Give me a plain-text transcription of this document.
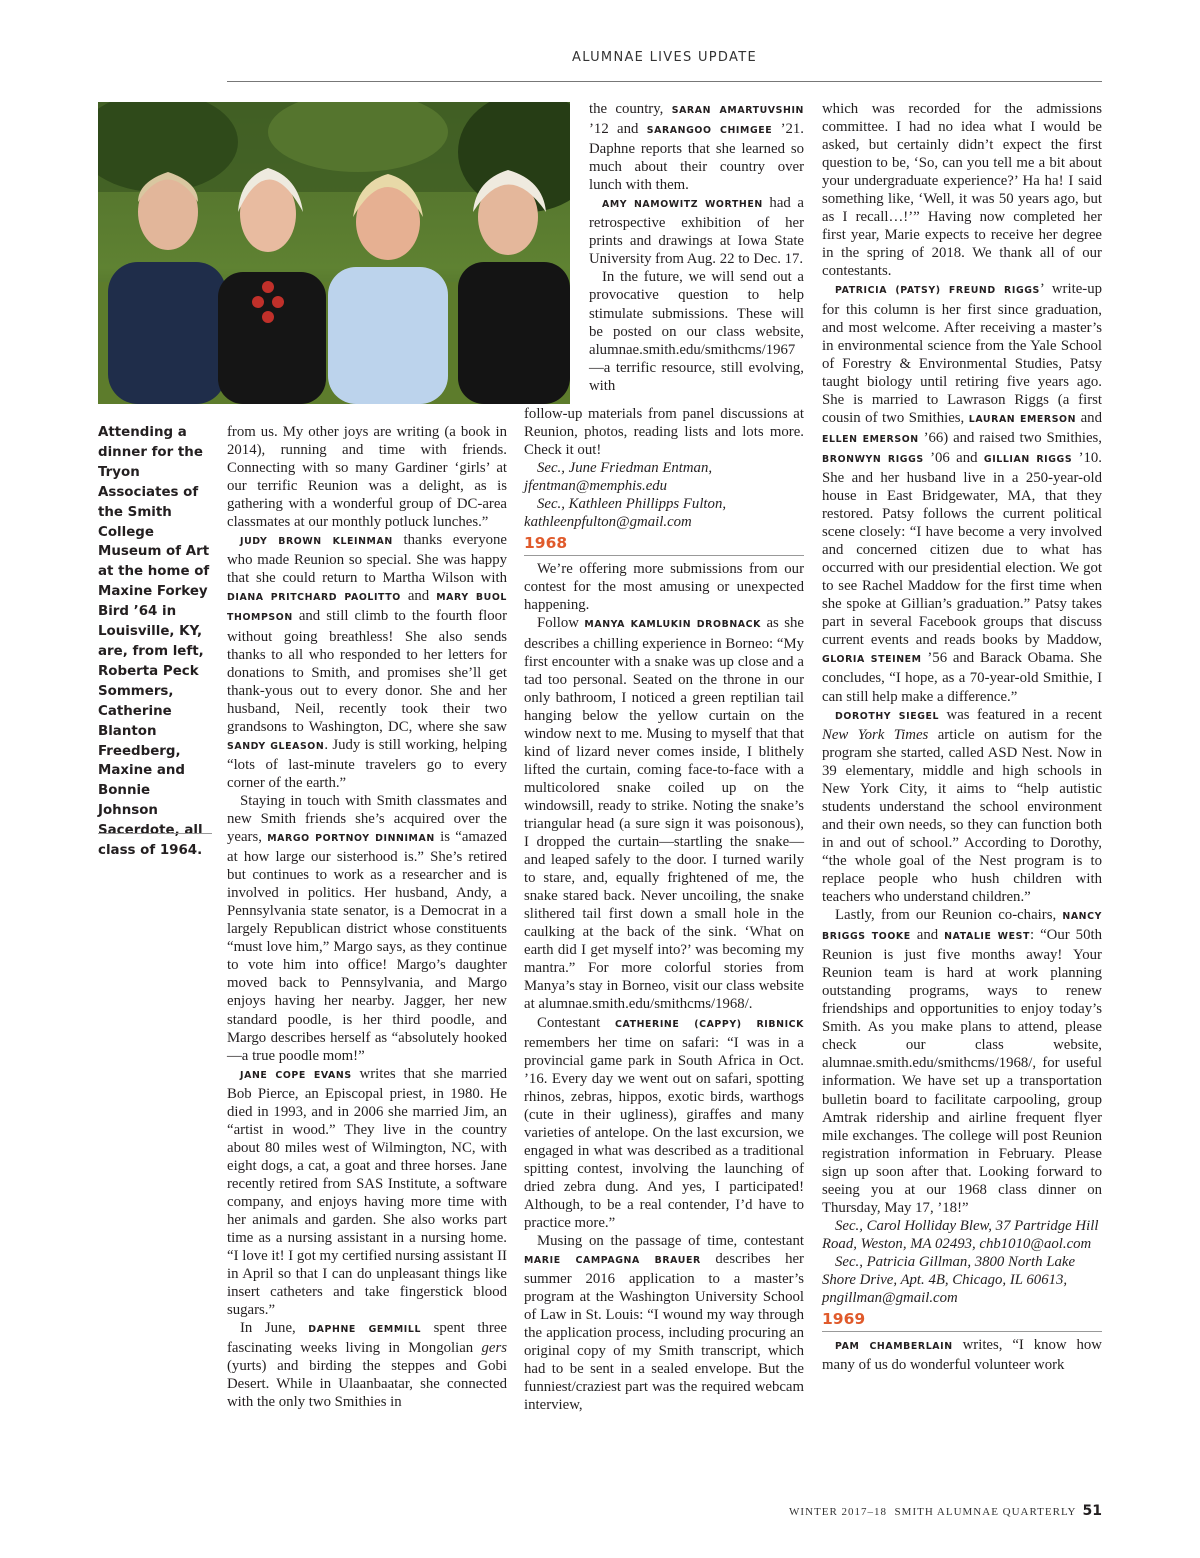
ALUMNAE LIVES UPDATE
Attending a dinner for the Tryon Associates of the Smith College Museum of Art at the home of Maxine Forkey Bird ’64 in Louisville, KY, are, from left, Roberta Peck Sommers, Catherine Blanton Freedberg, Maxine and Bonnie Johnson Sacerdote, all class of 1964.

from us. My other joys are writing (a book in 2014), running and time with friends. Connecting with so many Gardiner ‘girls’ at our terrific Reunion was a delight, as is gathering with a wonderful group of DC-area classmates at our monthly potluck lunches.”

JUDY BROWN KLEINMAN thanks everyone who made Reunion so special. She was happy that she could return to Martha Wilson with DIANA PRITCHARD PAOLITTO and MARY BUOL THOMPSON and still climb to the fourth floor without going breathless! She also sends thanks to all who responded to her letters for donations to Smith, and promises she’ll get thank-yous out to every donor. She and her husband, Neil, recently took their two grandsons to Washington, DC, where she saw SANDY GLEASON. Judy is still working, helping “lots of last-minute travelers go to every corner of the earth.”

Staying in touch with Smith classmates and new Smith friends she’s acquired over the years, MARGO PORTNOY DINNIMAN is “amazed at how large our sisterhood is.” She’s retired but continues to work as a researcher and is involved in politics. Her husband, Andy, a Pennsylvania state senator, is a Democrat in a largely Republican district whose constituents “must love him,” Margo says, as they continue to vote him into office! Margo’s daughter moved back to Pennsylvania, and Margo enjoys having her nearby. Jagger, her new standard poodle, is her third poodle, and Margo describes herself as “absolutely hooked—a true poodle mom!”

JANE COPE EVANS writes that she married Bob Pierce, an Episcopal priest, in 1980. He died in 1993, and in 2006 she married Jim, an “artist in wood.” They live in the country about 80 miles west of Wilmington, NC, with eight dogs, a cat, a goat and three horses. Jane recently retired from SAS Institute, a software company, and enjoys having more time with her animals and garden. She also works part time as a nursing assistant in a nursing home. “I love it! I got my certified nursing assistant II in April so that I can do unpleasant things like insert catheters and take fingerstick blood sugars.”

In June, DAPHNE GEMMILL spent three fascinating weeks living in Mongolian gers (yurts) and birding the steppes and Gobi Desert. While in Ulaanbaatar, she connected with the only two Smithies in

the country, SARAN AMARTUVSHIN ’12 and SARANGOO CHIMGEE ’21. Daphne reports that she learned so much about their country over lunch with them.

AMY NAMOWITZ WORTHEN had a retrospective exhibition of her prints and drawings at Iowa State University from Aug. 22 to Dec. 17.

In the future, we will send out a provocative question to help stimulate submissions. These will be posted on our class website, alumnae.smith.edu/smithcms/1967—a terrific resource, still evolving, with

follow-up materials from panel discussions at Reunion, photos, reading lists and lots more. Check it out!

Sec., June Friedman Entman, jfentman@memphis.edu

Sec., Kathleen Phillipps Fulton, kathleenpfulton@gmail.com

1968

We’re offering more submissions from our contest for the most amusing or unexpected happening.

Follow MANYA KAMLUKIN DROBNACK as she describes a chilling experience in Borneo: “My first encounter with a snake was up close and a tad too personal. Seated on the throne in our only bathroom, I noticed a green reptilian tail hanging below the yellow curtain on the window next to me. Musing to myself that that kind of lizard never comes inside, I blithely lifted the curtain, coming face-to-face with a multicolored snake coiled up on the windowsill, ready to strike. Noting the snake’s triangular head (a sure sign it was poisonous), I dropped the curtain—startling the snake—and leaped safely to the door. I turned warily to stare, and, equally frightened of me, the snake stared back. Never uncoiling, the snake slithered tail first down a small hole in the caulking at the back of the sink. ‘What on earth did I get myself into?’ was becoming my mantra.” For more colorful stories from Manya’s stay in Borneo, visit our class website at alumnae.smith.edu/smithcms/1968/.

Contestant CATHERINE (CAPPY) RIBNICK remembers her time on safari: “I was in a provincial game park in South Africa in Oct. ’16. Every day we went out on safari, spotting rhinos, zebras, hippos, exotic birds, warthogs (cute in their ugliness), giraffes and many varieties of antelope. On the last excursion, we engaged in what was described as a traditional spitting contest, involving the launching of dried zebra dung. And yes, I participated! Although, to be a real contender, I’d have to practice more.”

Musing on the passage of time, contestant MARIE CAMPAGNA BRAUER describes her summer 2016 application to a master’s program at the Washington University School of Law in St. Louis: “I wound my way through the application process, including procuring an original copy of my Smith transcript, which had to be sent in a sealed envelope. But the funniest/craziest part was the required webcam interview,

which was recorded for the admissions committee. I had no idea what I would be asked, but certainly didn’t expect the first question to be, ‘So, can you tell me a bit about your undergraduate experience?’ Ha ha! I said something like, ‘Well, it was 50 years ago, but as I recall…!’” Having now completed her first year, Marie expects to receive her degree in the spring of 2018. We thank all of our contestants.

PATRICIA (PATSY) FREUND RIGGS’ write-up for this column is her first since graduation, and most welcome. After receiving a master’s in environmental science from the Yale School of Forestry & Environmental Studies, Patsy taught biology until retiring five years ago. She is married to Lawrason Riggs (a first cousin of two Smithies, LAURAN EMERSON and ELLEN EMERSON ’66) and raised two Smithies, BRONWYN RIGGS ’06 and GILLIAN RIGGS ’10. She and her husband live in a 250-year-old house in East Bridgewater, MA, that they restored. Patsy follows the current political scene closely: “I have become a very involved and concerned citizen due to what has occurred with our presidential election. We got to see Rachel Maddow for the first time when she spoke at Gillian’s graduation.” Patsy takes part in several Facebook groups that discuss current events and reads books by Maddow, GLORIA STEINEM ’56 and Barack Obama. She concludes, “I hope, as a 70-year-old Smithie, I can still help make a difference.”

DOROTHY SIEGEL was featured in a recent New York Times article on autism for the program she started, called ASD Nest. Now in 39 elementary, middle and high schools in New York City, it aims to “help autistic students understand the school environment and their own needs, so they can function both in and out of school.” According to Dorothy, “the whole goal of the Nest program is to replace people who hush children with teachers who understand children.”

Lastly, from our Reunion co-chairs, NANCY BRIGGS TOOKE and NATALIE WEST: “Our 50th Reunion is just five months away! Your Reunion team is hard at work planning outstanding programs, ways to renew friendships and opportunities to enjoy today’s Smith. As you make plans to attend, please check our class website, alumnae.smith.edu/smithcms/1968/, for useful information. We have set up a transportation bulletin board to facilitate carpooling, group Amtrak ridership and airline frequent flyer mile exchanges. The college will post Reunion registration information in February. Please sign up soon after that. Looking forward to seeing you at our 1968 class dinner on Thursday, May 17, ’18!”

Sec., Carol Holliday Blew, 37 Partridge Hill Road, Weston, MA 02493, chb1010@aol.com

Sec., Patricia Gillman, 3800 North Lake Shore Drive, Apt. 4B, Chicago, IL 60613, pngillman@gmail.com

1969

PAM CHAMBERLAIN writes, “I know how many of us do wonderful volunteer work

WINTER 2017–18 SMITH ALUMNAE QUARTERLY 51
